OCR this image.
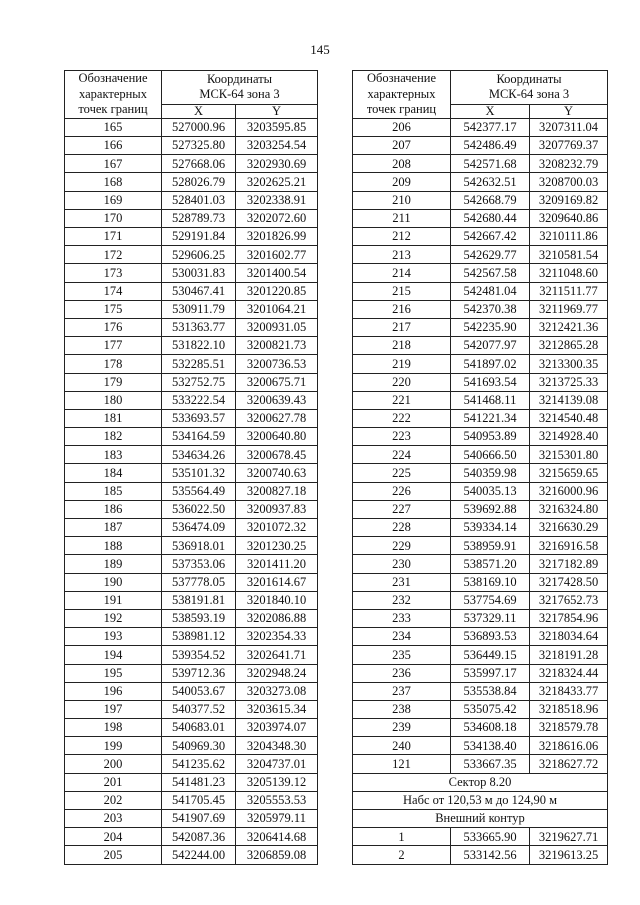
145
Обозначение
характерных
точек границ	Координаты
МСК-64 зона 3	
	X	Y
165	527000.96	3203595.85
166	527325.80	3203254.54
167	527668.06	3202930.69
168	528026.79	3202625.21
169	528401.03	3202338.91
170	528789.73	3202072.60
171	529191.84	3201826.99
172	529606.25	3201602.77
173	530031.83	3201400.54
174	530467.41	3201220.85
175	530911.79	3201064.21
176	531363.77	3200931.05
177	531822.10	3200821.73
178	532285.51	3200736.53
179	532752.75	3200675.71
180	533222.54	3200639.43
181	533693.57	3200627.78
182	534164.59	3200640.80
183	534634.26	3200678.45
184	535101.32	3200740.63
185	535564.49	3200827.18
186	536022.50	3200937.83
187	536474.09	3201072.32
188	536918.01	3201230.25
189	537353.06	3201411.20
190	537778.05	3201614.67
191	538191.81	3201840.10
192	538593.19	3202086.88
193	538981.12	3202354.33
194	539354.52	3202641.71
195	539712.36	3202948.24
196	540053.67	3203273.08
197	540377.52	3203615.34
198	540683.01	3203974.07
199	540969.30	3204348.30
200	541235.62	3204737.01
201	541481.23	3205139.12
202	541705.45	3205553.53
203	541907.69	3205979.11
204	542087.36	3206414.68
205	542244.00	3206859.08
Обозначение
характерных
точек границ	Координаты
МСК-64 зона 3	
	X	Y
206	542377.17	3207311.04
207	542486.49	3207769.37
208	542571.68	3208232.79
209	542632.51	3208700.03
210	542668.79	3209169.82
211	542680.44	3209640.86
212	542667.42	3210111.86
213	542629.77	3210581.54
214	542567.58	3211048.60
215	542481.04	3211511.77
216	542370.38	3211969.77
217	542235.90	3212421.36
218	542077.97	3212865.28
219	541897.02	3213300.35
220	541693.54	3213725.33
221	541468.11	3214139.08
222	541221.34	3214540.48
223	540953.89	3214928.40
224	540666.50	3215301.80
225	540359.98	3215659.65
226	540035.13	3216000.96
227	539692.88	3216324.80
228	539334.14	3216630.29
229	538959.91	3216916.58
230	538571.20	3217182.89
231	538169.10	3217428.50
232	537754.69	3217652.73
233	537329.11	3217854.96
234	536893.53	3218034.64
235	536449.15	3218191.28
236	535997.17	3218324.44
237	535538.84	3218433.77
238	535075.42	3218518.96
239	534608.18	3218579.78
240	534138.40	3218616.06
121	533667.35	3218627.72
Сектор 8.20		
Набс от 120,53 м до 124,90 м		
Внешний контур		
1	533665.90	3219627.71
2	533142.56	3219613.25
